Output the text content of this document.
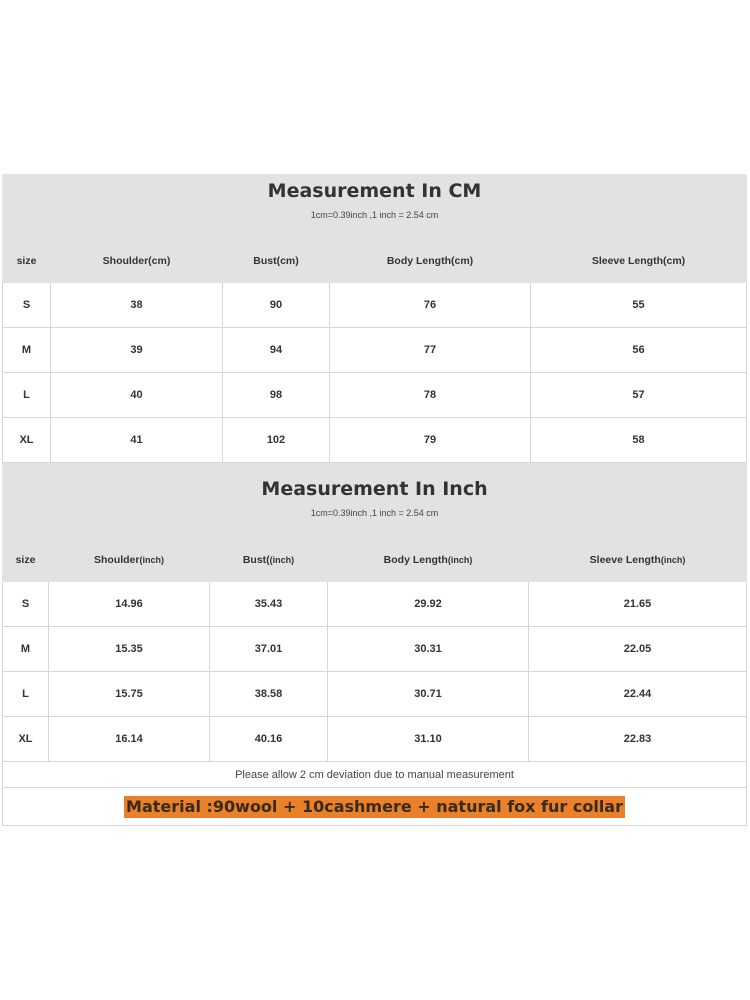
Measurement In CM
1cm=0.39inch ,1 inch = 2.54 cm				

size	Shoulder(cm)	Bust(cm)	Body Length(cm)	Sleeve Length(cm)
S	38	90	76	55
M	39	94	77	56
L	40	98	78	57
XL	41	102	79	58
Measurement In Inch
1cm=0.39inch ,1 inch = 2.54 cm				

size	Shoulder(inch)	Bust((inch)	Body Length(inch)	Sleeve Length(inch)
S	14.96	35.43	29.92	21.65
M	15.35	37.01	30.31	22.05
L	15.75	38.58	30.71	22.44
XL	16.14	40.16	31.10	22.83
Please allow 2 cm deviation due to manual measurement				
Material :90wool + 10cashmere + natural fox fur collar				
